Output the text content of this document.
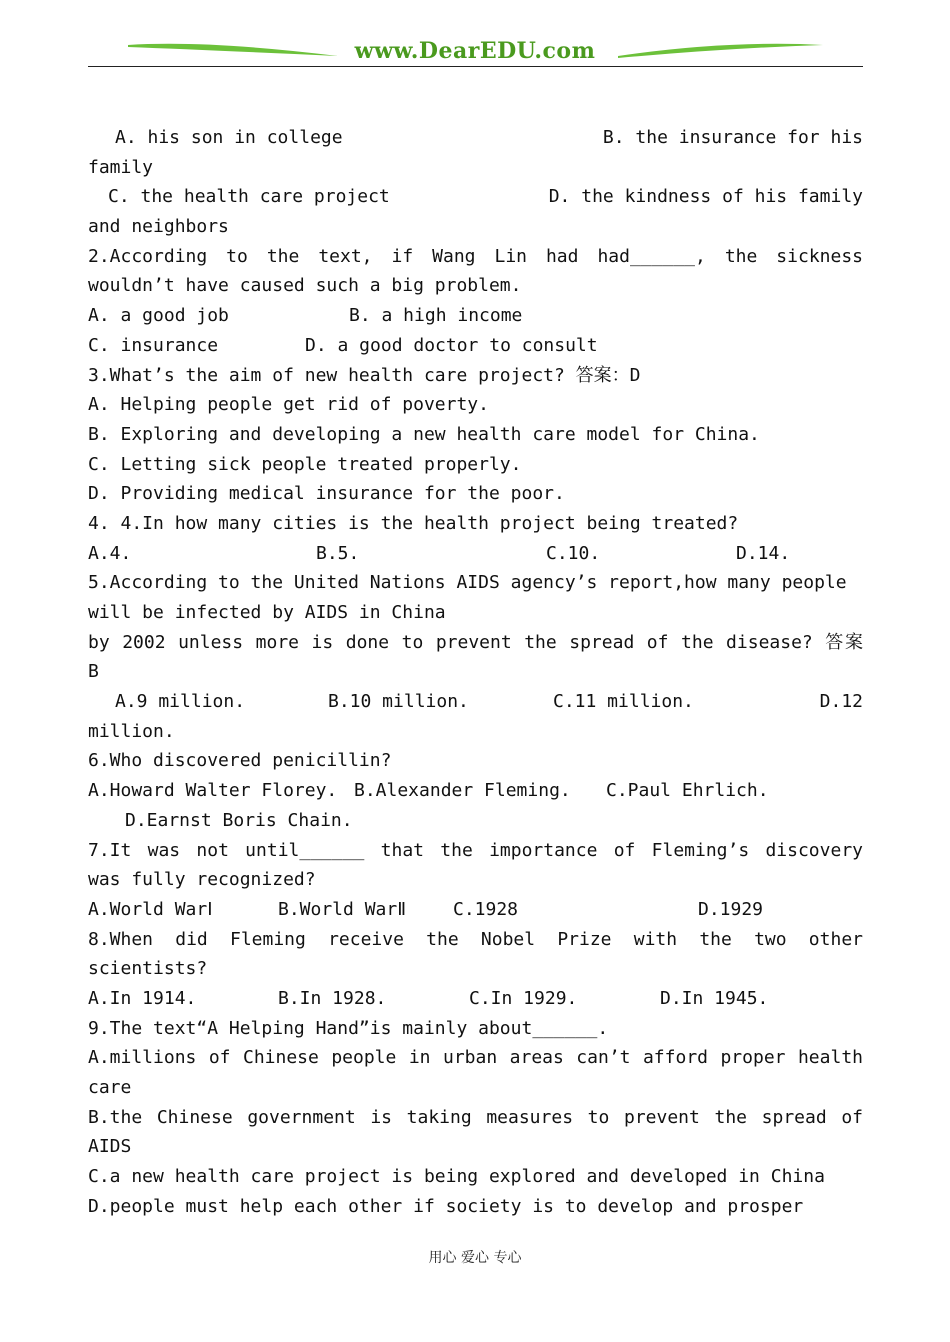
www.DearEDU.com

A. his son in college

	B. the insurance for his

family

C. the health care project

	D. the kindness of his family

and neighbors
2.According to the text, if Wang Lin had had______, the sickness
wouldn’t have caused such a big problem.

A. a good job

	B. a high income

C. insurance

	D. a good doctor to consult

3.What’s the aim of new health care project? 答案：D
A. Helping people get rid of poverty.
B. Exploring and developing a new health care model for China.
C. Letting sick people treated properly.
D. Providing medical insurance for the poor.
4. 4.In how many cities is the health project being treated?

A.4.

	B.5.

	C.10.

	D.14.

5.According to the United Nations AIDS agency’s report,how many people
will be infected by AIDS in China
by 2002 unless more is done to prevent the spread of the disease? 答案
B

A.9 million.

	B.10 million.

	C.11 million.

	D.12

million.
6.Who discovered penicillin?

A.Howard Walter Florey.

B.Alexander Fleming.

C.Paul Ehrlich.

D.Earnst Boris Chain.

7.It was not until______ that the importance of Fleming’s discovery
was fully recognized?

A.World WarⅠ

	B.World WarⅡ

	C.1928

	D.1929

8.When did Fleming receive the Nobel Prize with the two other
scientists?

A.In 1914.

	B.In 1928.

	C.In 1929.

	D.In 1945.

9.The text“A Helping Hand”is mainly about______.
A.millions of Chinese people in urban areas can’t afford proper health
care
B.the Chinese government is taking measures to prevent the spread of
AIDS
C.a new health care project is being explored and developed in China
D.people must help each other if society is to develop and prosper
用心 爱心 专心
